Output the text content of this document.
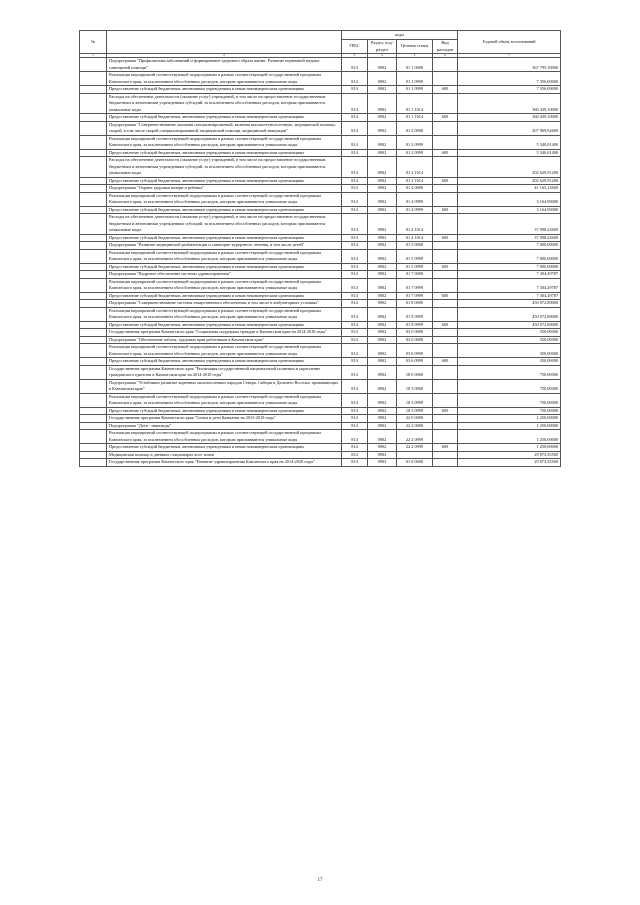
№		коды				Годовой объем ассигнований
		ГРБС	Раздел, под-раздел	Целевая статья	Вид расходов	
1	2	3	4	5	6	7
	Подпрограмма "Профилактика заболеваний и формирование здорового образа жизни. Развитие первичной медико-санитарной помощи"	814	0902	01 1 0000		367 795,10000
	Реализация мероприятий соответствующей подпрограммы в рамках соответствующей государственной программы Камчатского края, за исключением обособленных расходов, которым присваиваются уникальные коды	814	0902	01 1 0999		7 356,00000
	Предоставление субсидий бюджетным, автономным учреждениям и иным некоммерческим организациям	814	0902	01 1 0999	600	7 356,00000
	Расходы на обеспечение деятельности (оказание услуг) учреждений, в том числе на предоставление государственным бюджетным и автономным учреждениям субсидий, за исключением обособленных расходов, которым присваиваются уникальные коды	814	0902	01 1 1014		360 439,10000
	Предоставление субсидий бюджетным, автономным учреждениям и иным некоммерческим организациям	814	0902	01 1 1014	600	360 439,10000
	Подпрограмма "Совершенствование оказания специализированной, включая высокотехнологичную, медицинской помощи, скорой, в том числе скорой специализированной, медицинской помощи, медицинской эвакуации"	814	0902	01 2 0000		207 969,92600
	Реализация мероприятий соответствующей подпрограммы в рамках соответствующей государственной программы Камчатского края, за исключением обособленных расходов, которым присваиваются уникальные коды	814	0902	01 2 0999		5 340,01400
	Предоставление субсидий бюджетным, автономным учреждениям и иным некоммерческим организациям	814	0902	01 2 0999	600	5 340,01400
	Расходы на обеспечение деятельности (оказание услуг) учреждений, в том числе на предоставление государственным бюджетным и автономным учреждениям субсидий, за исключением обособленных расходов, которым присваиваются уникальные коды	814	0902	01 2 1014		202 629,91200
	Предоставление субсидий бюджетным, автономным учреждениям и иным некоммерческим организациям	814	0902	01 2 1014	600	202 629,91200
	Подпрограмма "Охрана здоровья матери и ребенка"	814	0902	01 4 0000		41 163,13600
	Реализация мероприятий соответствующей подпрограммы в рамках соответствующей государственной программы Камчатского края, за исключением обособленных расходов, которым присваиваются уникальные коды	814	0902	01 4 0999		3 164,90000
	Предоставление субсидий бюджетным, автономным учреждениям и иным некоммерческим организациям	814	0902	01 4 0999	600	3 164,90000
	Расходы на обеспечение деятельности (оказание услуг) учреждений, в том числе на предоставление государственным бюджетным и автономным учреждениям субсидий, за исключением обособленных расходов, которым присваиваются уникальные коды	814	0902	01 4 1014		37 998,23600
	Предоставление субсидий бюджетным, автономным учреждениям и иным некоммерческим организациям	814	0902	01 4 1014	600	37 998,23600
	Подпрограмма "Развитие медицинской реабилитации и санаторно-курортного лечения, в том числе детей"	814	0902	01 5 0000		7 000,00000
	Реализация мероприятий соответствующей подпрограммы в рамках соответствующей государственной программы Камчатского края, за исключением обособленных расходов, которым присваиваются уникальные коды	814	0902	01 5 0999		7 000,00000
	Предоставление субсидий бюджетным, автономным учреждениям и иным некоммерческим организациям	814	0902	01 5 0999	600	7 000,00000
	Подпрограмма "Кадровое обеспечение системы здравоохранения"	814	0902	01 7 0000		7 304,49787
	Реализация мероприятий соответствующей подпрограммы в рамках соответствующей государственной программы Камчатского края, за исключением обособленных расходов, которым присваиваются уникальные коды	814	0902	01 7 0999		7 304,49787
	Предоставление субсидий бюджетным, автономным учреждениям и иным некоммерческим организациям	814	0902	01 7 0999	600	7 304,49787
	Подпрограмма "Совершенствование системы лекарственного обеспечения, в том числе в амбулаторных условиях"	814	0902	01 8 0000		450 072,80000
	Реализация мероприятий соответствующей подпрограммы в рамках соответствующей государственной программы Камчатского края, за исключением обособленных расходов, которым присваиваются уникальные коды	814	0902	01 8 0999		450 072,80000
	Предоставление субсидий бюджетным, автономным учреждениям и иным некоммерческим организациям	814	0902	01 8 0999	600	450 072,80000
	Государственная программа Камчатского края "Социальная поддержка граждан в Камчатском крае на 2014-2018 годы"	814	0902	03 0 0000		350,00000
	Подпрограмма "Обеспечение заботы, трудовых прав работников в Камчатском крае"	814	0902	03 6 0000		350,00000
	Реализация мероприятий соответствующей подпрограммы в рамках соответствующей государственной программы Камчатского края, за исключением обособленных расходов, которым присваиваются уникальные коды	814	0902	03 6 0999		350,00000
	Предоставление субсидий бюджетным, автономным учреждениям и иным некоммерческим организациям	814	0902	03 6 0999	600	350,00000
	Государственная программа Камчатского края "Реализация государственной национальной политики и укрепление гражданского единства в Камчатском крае на 2014-2018 годы"	814	0902	18 0 0000		750,00000
	Подпрограмма "Устойчивое развитие коренных малочисленных народов Севера, Сибири и Дальнего Востока, проживающих в Камчатском крае"	814	0902	18 3 0000		750,00000
	Реализация мероприятий соответствующей подпрограммы в рамках соответствующей государственной программы Камчатского края, за исключением обособленных расходов, которым присваиваются уникальные коды	814	0902	18 3 0999		750,00000
	Предоставление субсидий бюджетным, автономным учреждениям и иным некоммерческим организациям	814	0902	18 3 0999	600	750,00000
	Государственная программа Камчатского края "Семья и дети Камчатки на 2015-2018 годы"	814	0902	22 0 0000		1 250,00000
	Подпрограмма "Дети - инвалиды"	814	0902	22 2 0000		1 250,00000
	Реализация мероприятий соответствующей подпрограммы в рамках соответствующей государственной программы Камчатского края, за исключением обособленных расходов, которым присваиваются уникальные коды	814	0902	22 2 0999		1 250,00000
	Предоставление субсидий бюджетным, автономным учреждениям и иным некоммерческим организациям	814	0902	22 2 0999	600	1 250,00000
	Медицинская помощь в дневных стационарах всех типов	814	0903			29 873,55500
	Государственная программа Камчатского края "Развитие здравоохранения Камчатского края на 2014-2020 годы"	814	0903	01 0 0000		29 873,55500
17
